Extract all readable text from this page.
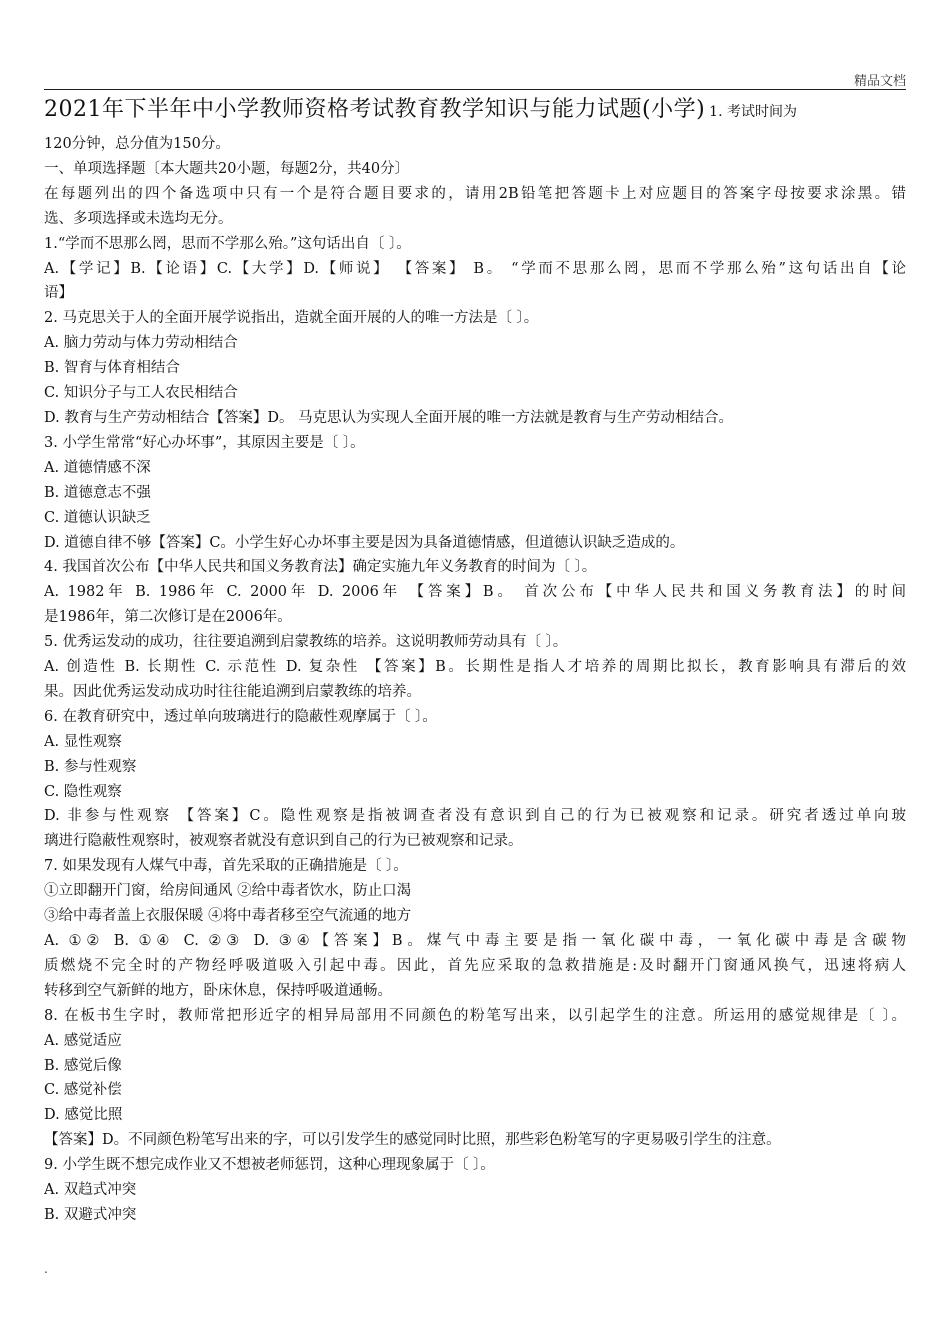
精品文档
2021年下半年中小学教师资格考试教育教学知识与能力试题(小学) 1. 考试时间为
120分钟，总分值为150分。
一、单项选择题〔本大题共20小题，每题2分，共40分〕
在每题列出的四个备选项中只有一个是符合题目要求的，请用2B铅笔把答题卡上对应题目的答案字母按要求涂黑。错
选、多项选择或未选均无分。
1.“学而不思那么罔，思而不学那么殆。”这句话出自〔 〕。
A.【学记】B.【论语】C.【大学】D.【师说】 【答案】 B。 “学而不思那么罔，思而不学那么殆”这句话出自【论
语】
2. 马克思关于人的全面开展学说指出，造就全面开展的人的唯一方法是〔 〕。
A. 脑力劳动与体力劳动相结合
B. 智育与体育相结合
C. 知识分子与工人农民相结合
D. 教育与生产劳动相结合【答案】D。 马克思认为实现人全面开展的唯一方法就是教育与生产劳动相结合。
3. 小学生常常“好心办坏事”，其原因主要是〔 〕。
A. 道德情感不深
B. 道德意志不强
C. 道德认识缺乏
D. 道德自律不够【答案】C。小学生好心办坏事主要是因为具备道德情感，但道德认识缺乏造成的。
4. 我国首次公布【中华人民共和国义务教育法】确定实施九年义务教育的时间为〔 〕。
A. 1982年 B. 1986年 C. 2000年 D. 2006年 【答案】B。 首次公布【中华人民共和国义务教育法】的时间
是1986年，第二次修订是在2006年。
5. 优秀运发动的成功，往往要追溯到启蒙教练的培养。这说明教师劳动具有〔 〕。
A. 创造性 B. 长期性 C. 示范性 D. 复杂性 【答案】B。长期性是指人才培养的周期比拟长，教育影响具有滞后的效
果。因此优秀运发动成功时往往能追溯到启蒙教练的培养。
6. 在教育研究中，透过单向玻璃进行的隐蔽性观摩属于〔 〕。
A. 显性观察
B. 参与性观察
C. 隐性观察
D. 非参与性观察 【答案】C。隐性观察是指被调查者没有意识到自己的行为已被观察和记录。研究者透过单向玻
璃进行隐蔽性观察时，被观察者就没有意识到自己的行为已被观察和记录。
7. 如果发现有人煤气中毒，首先采取的正确措施是〔 〕。
①立即翻开门窗，给房间通风 ②给中毒者饮水，防止口渴
③给中毒者盖上衣服保暖 ④将中毒者移至空气流通的地方
A. ①② B. ①④ C. ②③ D. ③④【答案】B。煤气中毒主要是指一氧化碳中毒，一氧化碳中毒是含碳物
质燃烧不完全时的产物经呼吸道吸入引起中毒。因此，首先应采取的急救措施是:及时翻开门窗通风换气，迅速将病人
转移到空气新鲜的地方，卧床休息，保持呼吸道通畅。
8. 在板书生字时，教师常把形近字的相异局部用不同颜色的粉笔写出来，以引起学生的注意。所运用的感觉规律是〔 〕。
A. 感觉适应
B. 感觉后像
C. 感觉补偿
D. 感觉比照
【答案】D。不同颜色粉笔写出来的字，可以引发学生的感觉同时比照，那些彩色粉笔写的字更易吸引学生的注意。
9. 小学生既不想完成作业又不想被老师惩罚，这种心理现象属于〔 〕。
A. 双趋式冲突
B. 双避式冲突
.
